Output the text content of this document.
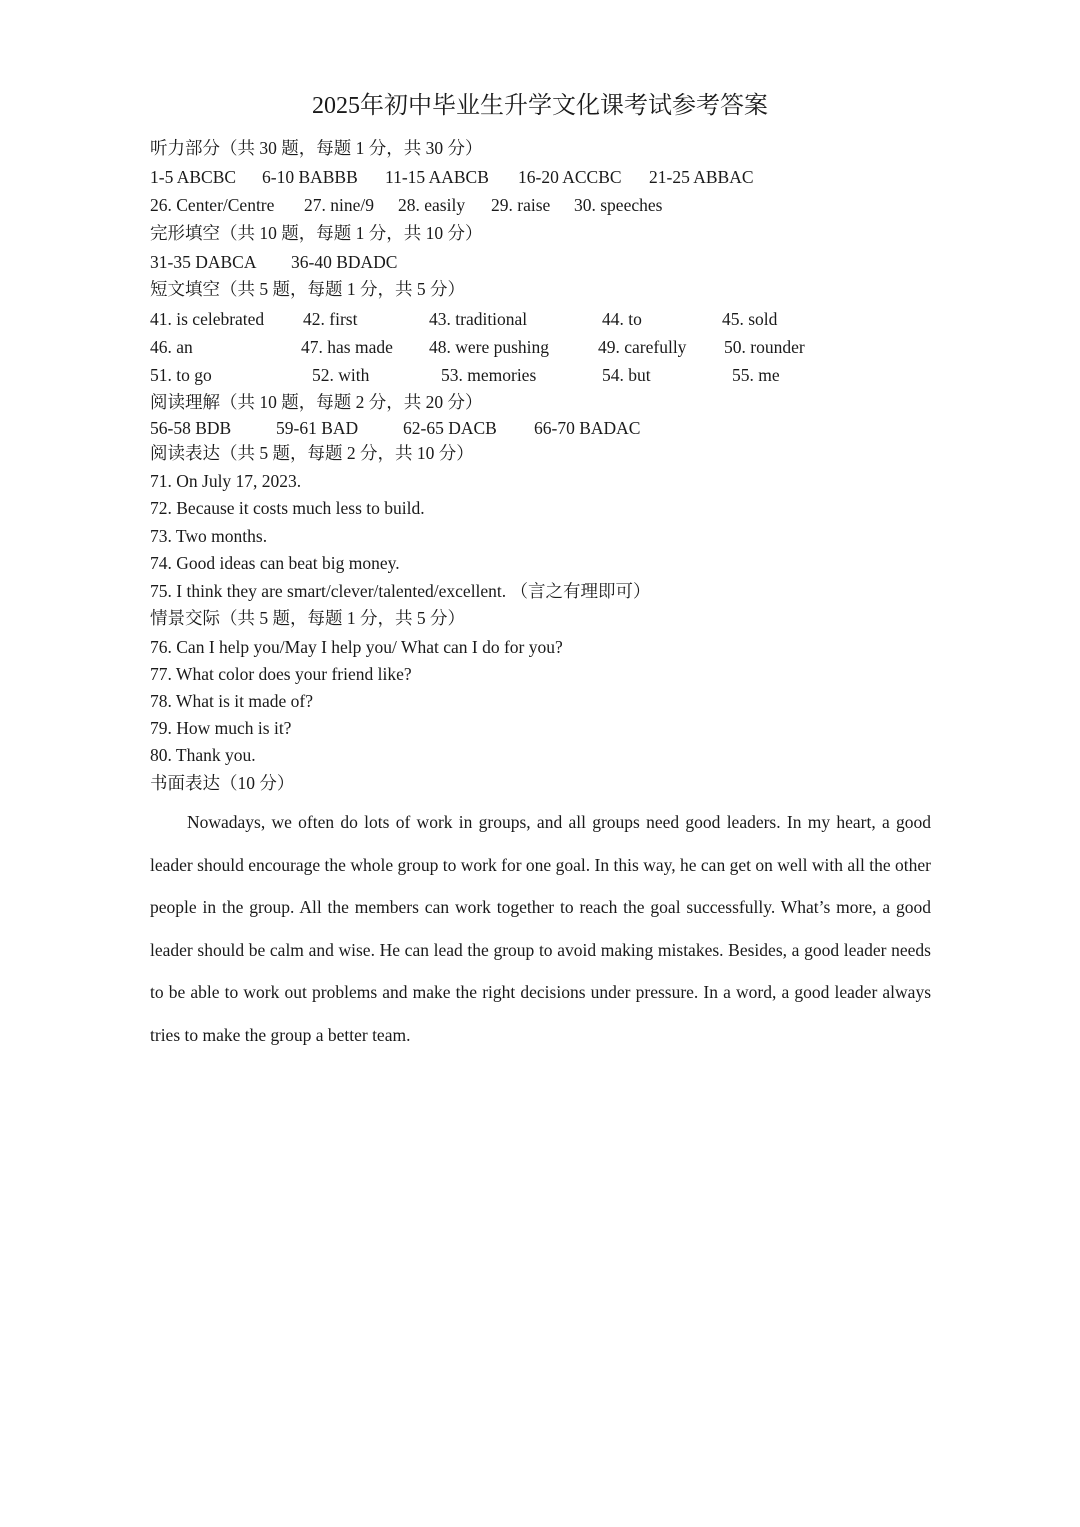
2025年初中毕业生升学文化课考试参考答案
听力部分（共 30 题，每题 1 分，共 30 分）
1-5 ABCBC 6-10 BABBB 11-15 AABCB 16-20 ACCBC 21-25 ABBAC
26. Center/Centre 27. nine/9 28. easily 29. raise 30. speeches
完形填空（共 10 题，每题 1 分，共 10 分）
31-35 DABCA 36-40 BDADC
短文填空（共 5 题，每题 1 分，共 5 分）
41. is celebrated 42. first	43. traditional	44. to	45. sold
46. an	47. has made 48. were pushing	49. carefully 50. rounder
51. to go	52. with	53. memories	54. but	55. me
阅读理解（共 10 题，每题 2 分，共 20 分）
56-58 BDB	59-61 BAD	62-65 DACB 66-70 BADAC
阅读表达（共 5 题，每题 2 分，共 10 分）
71. On July 17, 2023.
72. Because it costs much less to build.
73. Two months.
74. Good ideas can beat big money.
75. I think they are smart/clever/talented/excellent. （言之有理即可）
情景交际（共 5 题，每题 1 分，共 5 分）
76. Can I help you/May I help you/ What can I do for you?
77. What color does your friend like?
78. What is it made of?
79. How much is it?
80. Thank you.
书面表达（10 分）

Nowadays, we often do lots of work in groups, and all groups need good leaders. In my heart, a good leader should encourage the whole group to work for one goal. In this way, he can get on well with all the other people in the group. All the members can work together to reach the goal successfully. What’s more, a good leader should be calm and wise. He can lead the group to avoid making mistakes. Besides, a good leader needs to be able to work out problems and make the right decisions under pressure. In a word, a good leader always tries to make the group a better team.
